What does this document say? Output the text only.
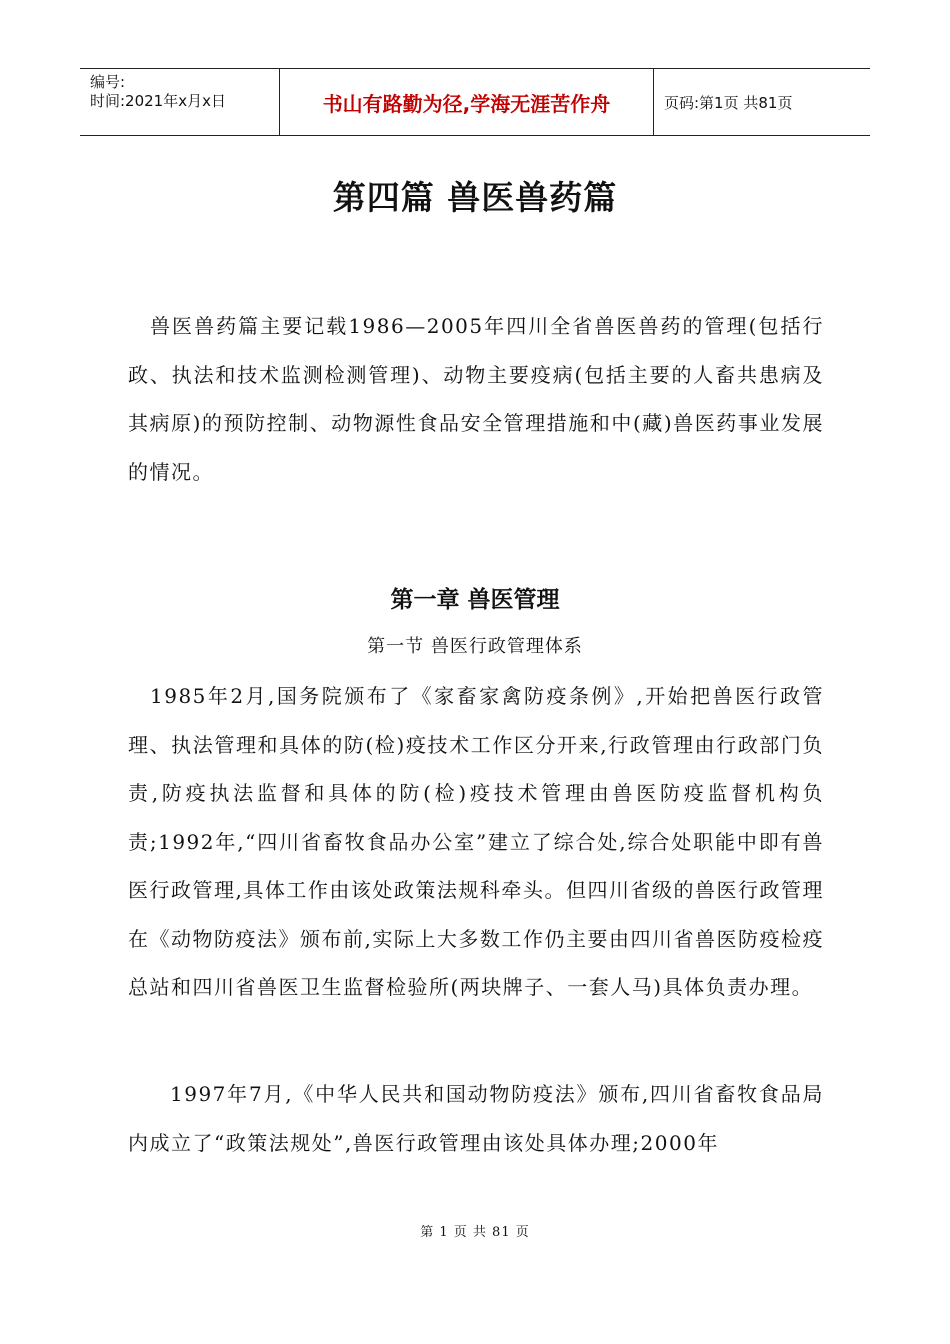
编号:
时间:2021年x月x日	书山有路勤为径,学海无涯苦作舟	页码:第1页 共81页
第四篇 兽医兽药篇

兽医兽药篇主要记载1986—2005年四川全省兽医兽药的管理(包括行政、执法和技术监测检测管理)、动物主要疫病(包括主要的人畜共患病及其病原)的预防控制、动物源性食品安全管理措施和中(藏)兽医药事业发展的情况。

第一章 兽医管理
第一节 兽医行政管理体系

1985年2月,国务院颁布了《家畜家禽防疫条例》,开始把兽医行政管理、执法管理和具体的防(检)疫技术工作区分开来,行政管理由行政部门负责,防疫执法监督和具体的防(检)疫技术管理由兽医防疫监督机构负责;1992年,“四川省畜牧食品办公室”建立了综合处,综合处职能中即有兽医行政管理,具体工作由该处政策法规科牵头。但四川省级的兽医行政管理在《动物防疫法》颁布前,实际上大多数工作仍主要由四川省兽医防疫检疫总站和四川省兽医卫生监督检验所(两块牌子、一套人马)具体负责办理。

1997年7月,《中华人民共和国动物防疫法》颁布,四川省畜牧食品局内成立了“政策法规处”,兽医行政管理由该处具体办理;2000年

第 1 页 共 81 页
